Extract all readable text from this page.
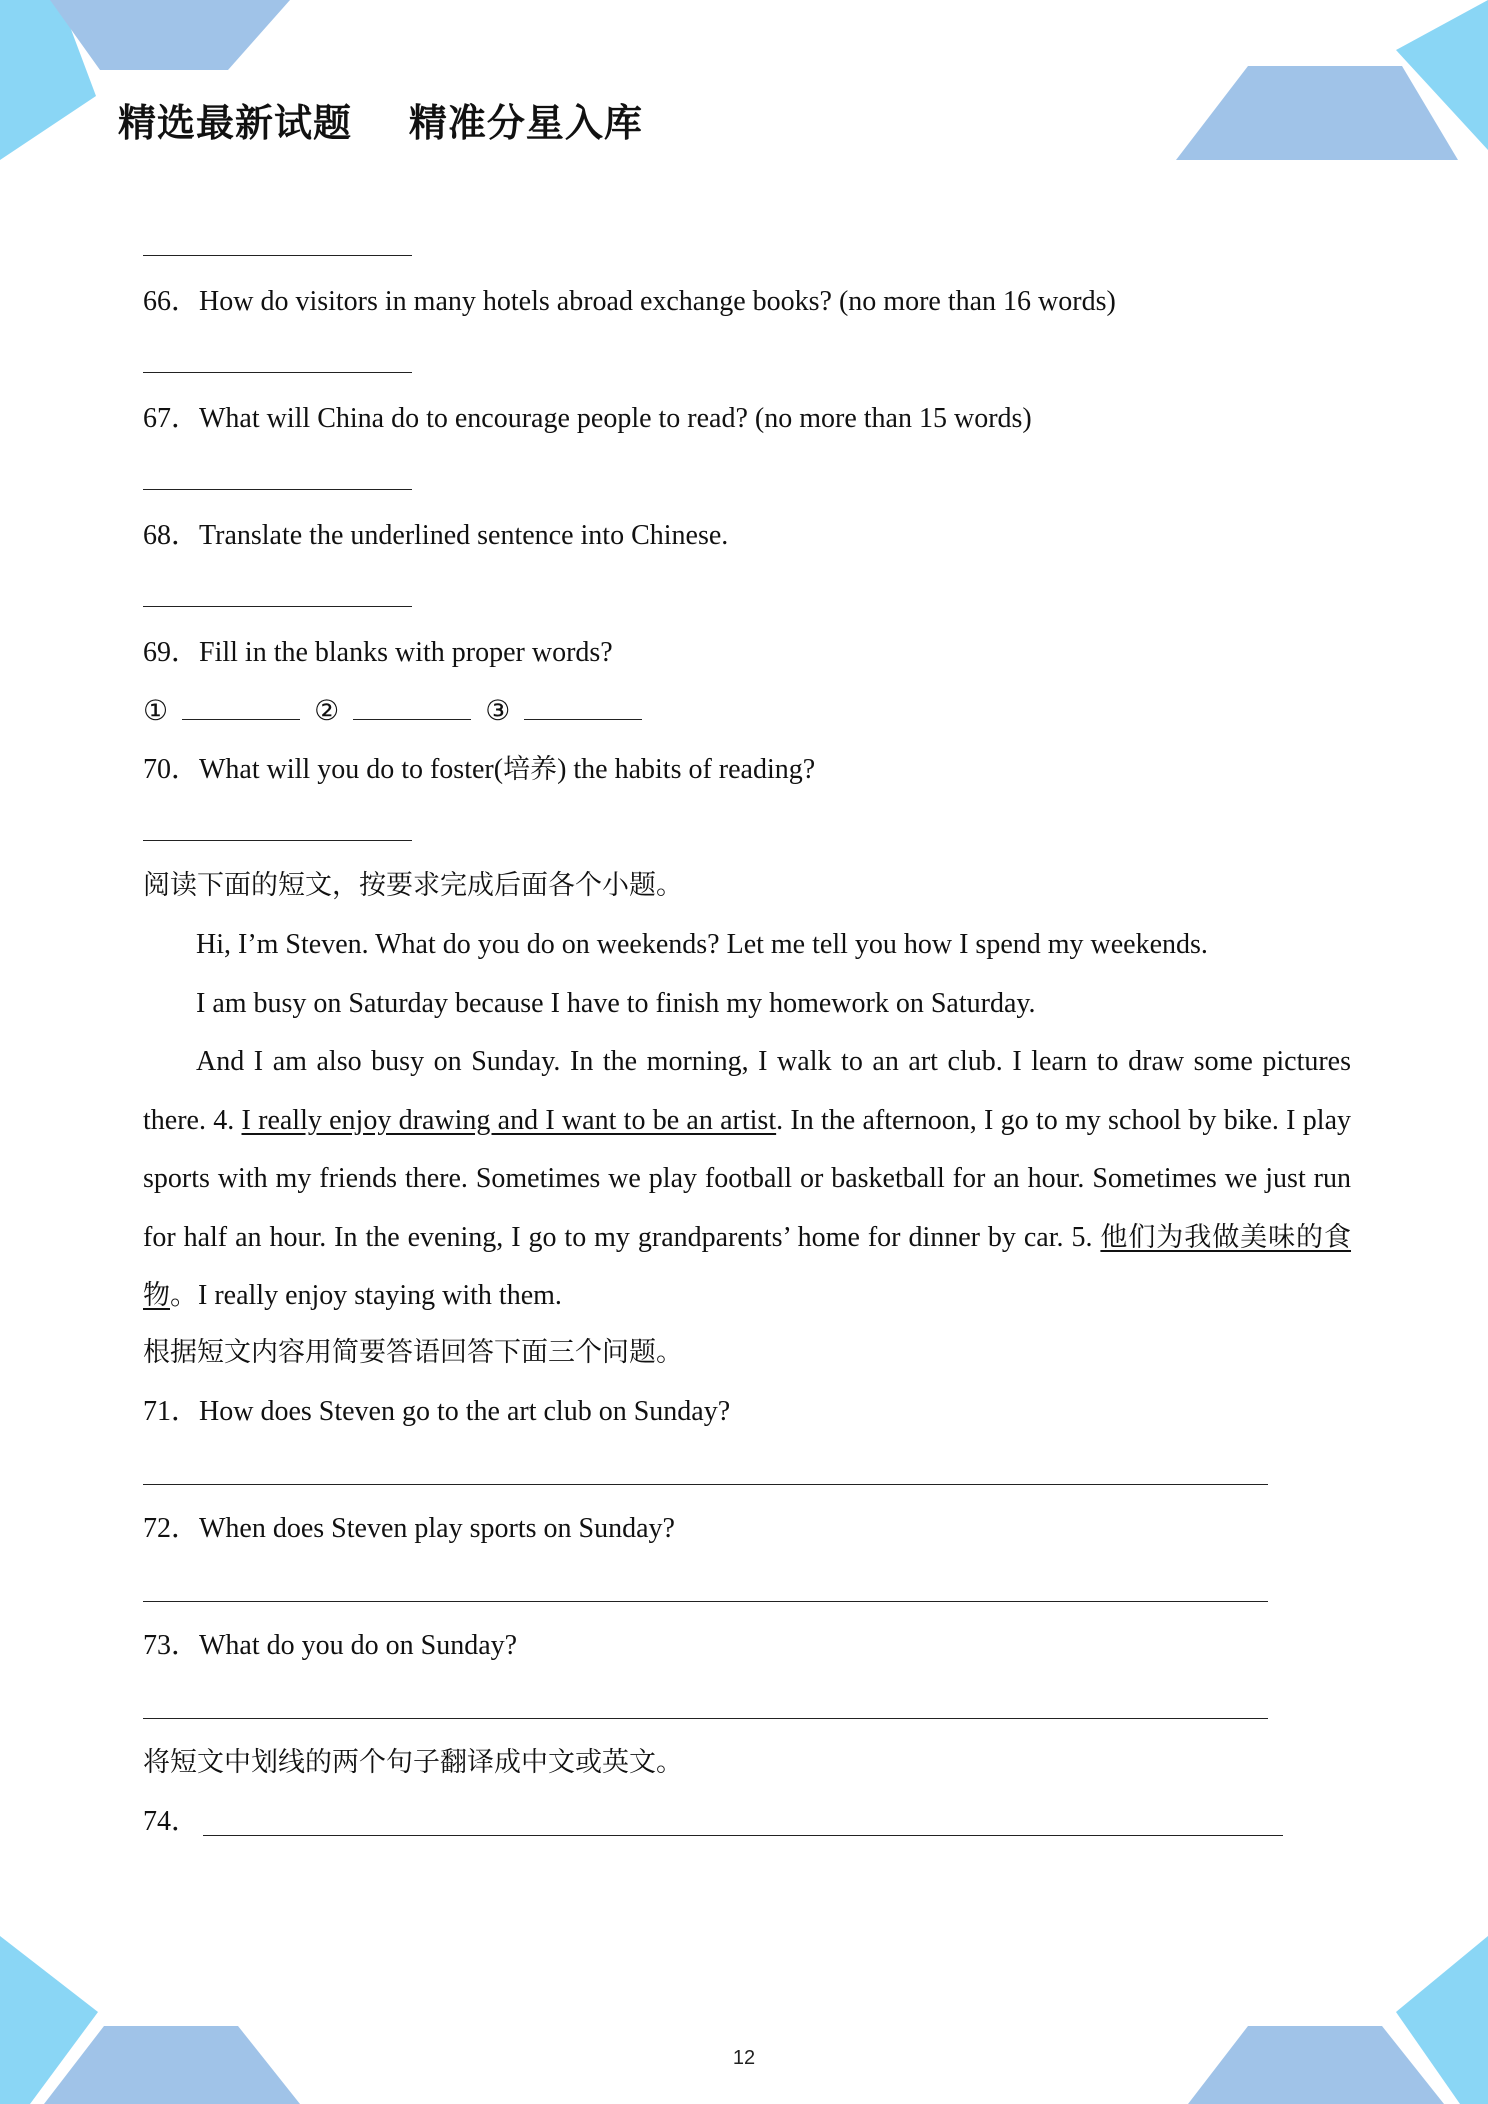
精选最新试题    精准分星入库
66．How do visitors in many hotels abroad exchange books? (no more than 16 words)
67．What will China do to encourage people to read? (no more than 15 words)
68．Translate the underlined sentence into Chinese.
69．Fill in the blanks with proper words?
①	②	③
70．What will you do to foster(培养) the habits of reading?
阅读下面的短文，按要求完成后面各个小题。

Hi, I’m Steven. What do you do on weekends? Let me tell you how I spend my weekends.

I am busy on Saturday because I have to finish my homework on Saturday.

And I am also busy on Sunday. In the morning, I walk to an art club. I learn to draw some pictures there. 4. I really enjoy drawing and I want to be an artist. In the afternoon, I go to my school by bike. I play sports with my friends there. Sometimes we play football or basketball for an hour. Sometimes we just run for half an hour. In the evening, I go to my grandparents’ home for dinner by car. 5. 他们为我做美味的食物。I really enjoy staying with them.

根据短文内容用简要答语回答下面三个问题。
71．How does Steven go to the art club on Sunday?
72．When does Steven play sports on Sunday?
73．What do you do on Sunday?
将短文中划线的两个句子翻译成中文或英文。
74．
12
